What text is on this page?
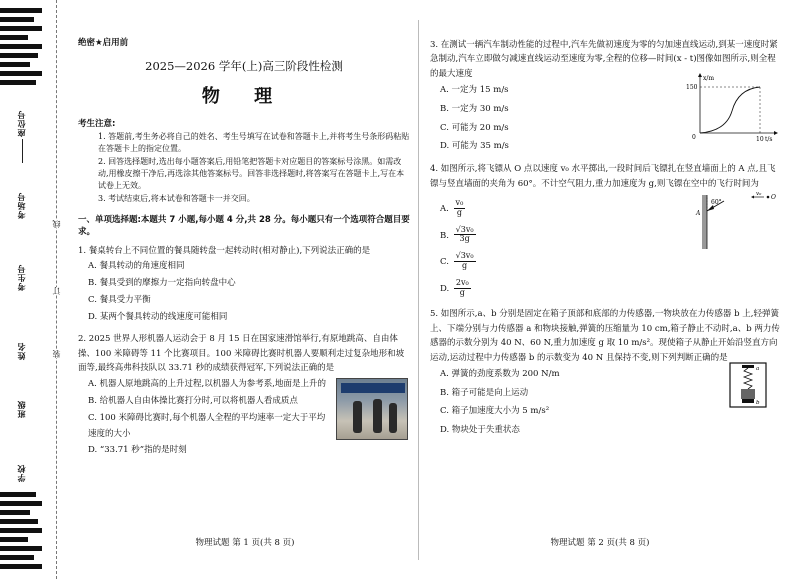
座位号
考场号
考生号
姓名
班级
学校
线
订
装
绝密★启用前
2025—2026 学年(上)高三阶段性检测
物 理
考生注意:

1. 答题前,考生务必将自己的姓名、考生号填写在试卷和答题卡上,并将考生号条形码粘贴在答题卡上的指定位置。

2. 回答选择题时,选出每小题答案后,用铅笔把答题卡对应题目的答案标号涂黑。如需改动,用橡皮擦干净后,再选涂其他答案标号。回答非选择题时,将答案写在答题卡上,写在本试卷上无效。

3. 考试结束后,将本试卷和答题卡一并交回。

一、单项选择题:本题共 7 小题,每小题 4 分,共 28 分。每小题只有一个选项符合题目要求。
1. 餐桌转台上不同位置的餐具随转盘一起转动时(相对静止),下列说法正确的是
A. 餐具转动的角速度相同
B. 餐具受到的摩擦力一定指向转盘中心
C. 餐具受力平衡
D. 某两个餐具转动的线速度可能相同
2. 2025 世界人形机器人运动会于 8 月 15 日在国家速滑馆举行,有原地跳高、自由体操、100 米障碍等 11 个比赛项目。100 米障碍比赛时机器人要顺利走过复杂地形和坡面等,最终高弗科技队以 33.71 秒的成绩获得冠军,下列说法正确的是
A. 机器人原地跳高的上升过程,以机器人为参考系,地面是上升的
B. 给机器人自由体操比赛打分时,可以将机器人看成质点
C. 100 米障碍比赛时,每个机器人全程的平均速率一定大于平均速度的大小
D. “33.71 秒”指的是时刻
物理试题 第 1 页(共 8 页)
3. 在测试一辆汽车制动性能的过程中,汽车先做初速度为零的匀加速直线运动,到某一速度时紧急制动,汽车立即做匀减速直线运动至速度为零,全程的位移—时间(x - t)图像如图所示,则全程的最大速度
A. 一定为 15 m/s
B. 一定为 30 m/s
C. 可能为 20 m/s
D. 可能为 35 m/s
x/m
t/s
150
10
0
4. 如图所示,将飞镖从 O 点以速度 v₀ 水平掷出,一段时间后飞镖扎在竖直墙面上的 A 点,且飞镖与竖直墙面的夹角为 60°。不计空气阻力,重力加速度为 g,则飞镖在空中的飞行时间为
A. $\frac{\text{v₀}}{g}$
B. $\frac{\text{√3v₀}}{3g}$
C. $\frac{\text{√3v₀}}{g}$
D. $\frac{\text{2v₀}}{g}$
60°
A
v₀ O
5. 如图所示,a、b 分别是固定在箱子顶部和底部的力传感器,一物块放在力传感器 b 上,轻弹簧上、下端分别与力传感器 a 和物块接触,弹簧的压缩量为 10 cm,箱子静止不动时,a、b 两力传感器的示数分别为 40 N、60 N,重力加速度 g 取 10 m/s²。现使箱子从静止开始沿竖直方向运动,运动过程中力传感器 b 的示数变为 40 N 且保持不变,则下列判断正确的是
A. 弹簧的劲度系数为 200 N/m
B. 箱子可能是向上运动
C. 箱子加速度大小为 5 m/s²
D. 物块处于失重状态
a
b
物理试题 第 2 页(共 8 页)
